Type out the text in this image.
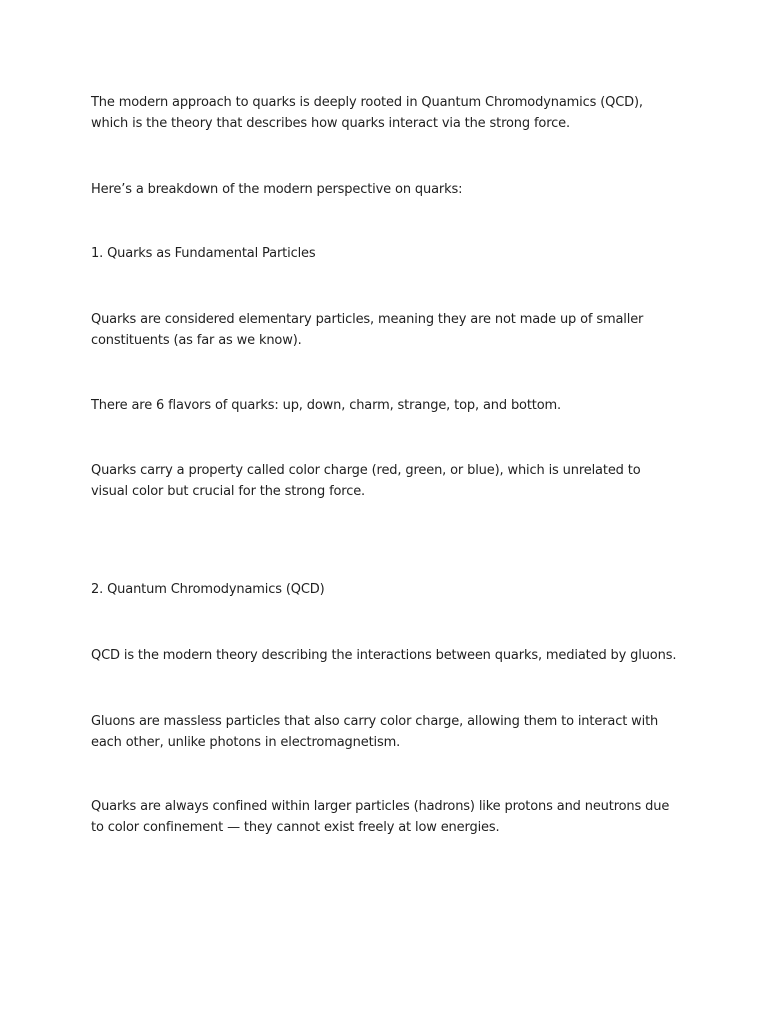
The modern approach to quarks is deeply rooted in Quantum Chromodynamics (QCD), which is the theory that describes how quarks interact via the strong force.

Here’s a breakdown of the modern perspective on quarks:

1. Quarks as Fundamental Particles

Quarks are considered elementary particles, meaning they are not made up of smaller constituents (as far as we know).

There are 6 flavors of quarks: up, down, charm, strange, top, and bottom.

Quarks carry a property called color charge (red, green, or blue), which is unrelated to visual color but crucial for the strong force.

2. Quantum Chromodynamics (QCD)

QCD is the modern theory describing the interactions between quarks, mediated by gluons.

Gluons are massless particles that also carry color charge, allowing them to interact with each other, unlike photons in electromagnetism.

Quarks are always confined within larger particles (hadrons) like protons and neutrons due to color confinement — they cannot exist freely at low energies.
